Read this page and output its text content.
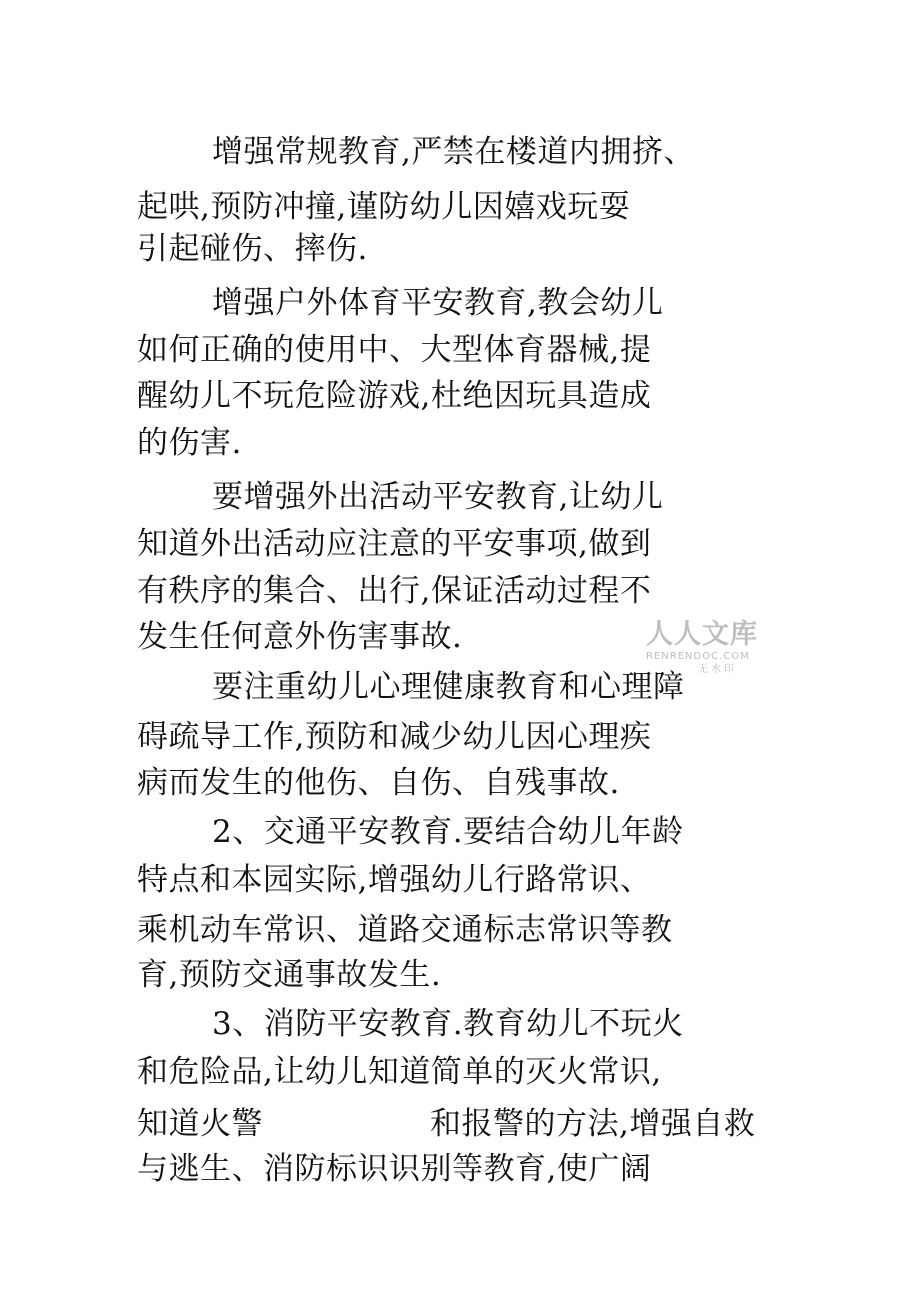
增强常规教育,严禁在楼道内拥挤、
起哄,预防冲撞,谨防幼儿因嬉戏玩耍
引起碰伤、摔伤.
增强户外体育平安教育,教会幼儿
如何正确的使用中、大型体育器械,提
醒幼儿不玩危险游戏,杜绝因玩具造成
的伤害.
要增强外出活动平安教育,让幼儿
知道外出活动应注意的平安事项,做到
有秩序的集合、出行,保证活动过程不
发生任何意外伤害事故.
要注重幼儿心理健康教育和心理障
碍疏导工作,预防和减少幼儿因心理疾
病而发生的他伤、自伤、自残事故.
2、交通平安教育.要结合幼儿年龄
特点和本园实际,增强幼儿行路常识、
乘机动车常识、道路交通标志常识等教
育,预防交通事故发生.
3、消防平安教育.教育幼儿不玩火
和危险品,让幼儿知道简单的灭火常识,
知道火警	和报警的方法,增强自救
与逃生、消防标识识别等教育,使广阔
人人文库
RENRENDOC.COM
无水印
